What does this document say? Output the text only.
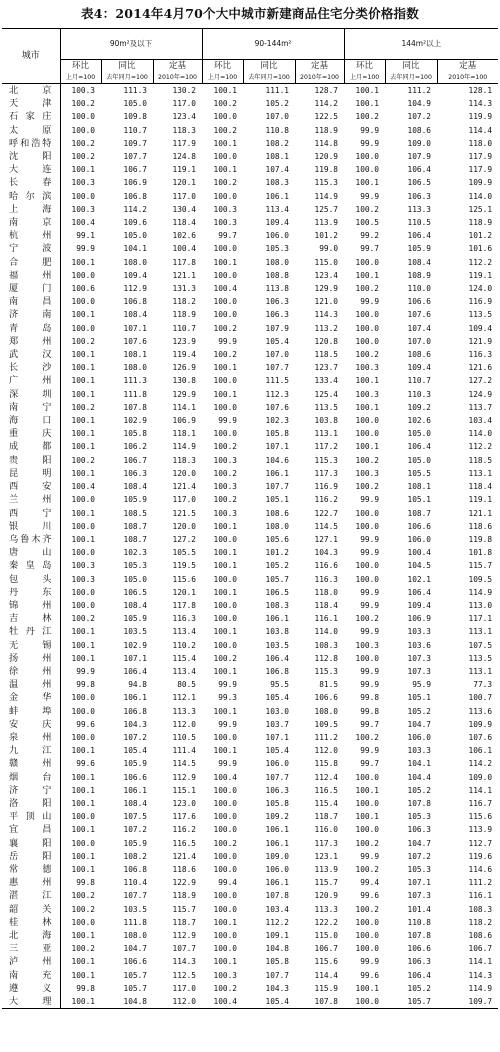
表4：2014年4月70个大中城市新建商品住宅分类价格指数
城市	90m²及以下			90-144m²			144m²以上		
	环比	同比	定基	环比	同比	定基	环比	同比	定基
	上月=100	去年同月=100	2010年=100	上月=100	去年同月=100	2010年=100	上月=100	去年同月=100	2010年=100
北京	100.3	111.3	130.2	100.1	111.1	128.7	100.1	111.2	128.1
天津	100.2	105.0	117.0	100.2	105.2	114.2	100.1	104.9	114.3
石家庄	100.0	109.8	123.4	100.0	107.0	122.5	100.2	107.2	119.9
太原	100.0	110.7	118.3	100.2	110.8	118.9	99.9	108.6	114.4
呼和浩特	100.2	109.7	117.9	100.1	108.2	114.8	99.9	109.0	118.0
沈阳	100.2	107.7	124.8	100.0	108.1	120.9	100.0	107.9	117.9
大连	100.1	106.7	119.1	100.1	107.4	119.8	100.0	106.4	117.9
长春	100.3	106.9	120.1	100.2	108.3	115.3	100.1	106.5	109.9
哈尔滨	100.0	106.8	117.0	100.0	106.1	114.9	99.9	106.3	114.0
上海	100.3	114.2	130.4	100.3	113.4	125.7	100.2	113.3	125.1
南京	100.4	109.6	118.4	100.3	109.4	113.9	100.5	110.5	118.9
杭州	99.1	105.0	102.6	99.7	106.0	101.2	99.2	106.4	101.2
宁波	99.9	104.1	100.4	100.0	105.3	99.0	99.7	105.9	101.6
合肥	100.1	108.0	117.8	100.1	108.0	115.0	100.0	108.4	112.2
福州	100.0	109.4	121.1	100.0	108.8	123.4	100.1	108.9	119.1
厦门	100.6	112.9	131.3	100.4	113.8	129.9	100.2	110.0	124.0
南昌	100.0	106.8	118.2	100.0	106.3	121.0	99.9	106.6	116.9
济南	100.1	108.4	118.9	100.0	106.3	114.3	100.0	107.6	113.5
青岛	100.0	107.1	110.7	100.2	107.9	113.2	100.0	107.4	109.4
郑州	100.2	107.6	123.9	99.9	105.4	120.8	100.0	107.0	121.9
武汉	100.1	108.1	119.4	100.2	107.0	118.5	100.2	108.6	116.3
长沙	100.1	108.0	126.9	100.1	107.7	123.7	100.3	109.4	121.6
广州	100.1	111.3	130.8	100.0	111.5	133.4	100.1	110.7	127.2
深圳	100.1	111.8	129.9	100.1	112.3	125.4	100.3	110.3	124.9
南宁	100.2	107.8	114.1	100.0	107.6	113.5	100.1	109.2	113.7
海口	100.1	102.9	106.9	99.9	102.3	103.8	100.0	102.6	103.4
重庆	100.1	105.8	118.1	100.0	105.8	113.1	100.0	105.0	114.0
成都	100.1	106.2	114.9	100.2	107.1	117.2	100.1	106.4	112.2
贵阳	100.2	106.7	118.3	100.3	104.6	115.3	100.2	105.0	118.5
昆明	100.1	106.3	120.0	100.2	106.1	117.3	100.3	105.5	113.1
西安	100.4	108.4	121.4	100.3	107.7	116.9	100.2	108.1	118.4
兰州	100.0	105.9	117.0	100.2	105.1	116.2	99.9	105.1	119.1
西宁	100.1	108.5	121.5	100.3	108.6	122.7	100.0	108.7	121.1
银川	100.0	108.7	120.0	100.1	108.0	114.5	100.0	106.6	118.6
乌鲁木齐	100.1	108.7	127.2	100.0	105.6	127.1	99.9	106.0	119.8
唐山	100.0	102.3	105.5	100.1	101.2	104.3	99.9	100.4	101.8
秦皇岛	100.3	105.3	119.5	100.1	105.2	116.6	100.0	104.5	115.7
包头	100.3	105.0	115.6	100.0	105.7	116.3	100.0	102.1	109.5
丹东	100.0	106.5	120.1	100.1	106.5	118.0	99.9	106.4	114.9
锦州	100.0	108.4	117.8	100.0	108.3	118.4	99.9	109.4	113.0
吉林	100.2	105.9	116.3	100.0	106.1	116.1	100.2	106.9	117.1
牡丹江	100.1	103.5	113.4	100.1	103.8	114.0	99.9	103.3	113.1
无锡	100.1	102.9	110.2	100.0	103.5	108.3	100.3	103.6	107.5
扬州	100.1	107.1	115.4	100.2	106.4	112.8	100.0	107.3	113.5
徐州	99.9	106.4	113.4	100.1	106.8	115.3	99.9	107.3	113.1
温州	99.8	94.8	80.5	99.9	95.5	81.5	99.9	95.9	77.3
金华	100.0	106.1	112.1	99.3	105.4	106.6	99.8	105.1	100.7
蚌埠	100.0	106.8	113.3	100.1	103.0	108.0	99.8	105.2	113.6
安庆	99.6	104.3	112.0	99.9	103.7	109.5	99.7	104.7	109.9
泉州	100.0	107.2	110.5	100.0	107.1	111.2	100.2	106.0	107.6
九江	100.1	105.4	111.4	100.1	105.4	112.0	99.9	103.3	106.1
赣州	99.6	105.9	114.5	99.9	106.0	115.8	99.7	104.1	114.2
烟台	100.1	106.6	112.9	100.4	107.7	112.4	100.0	104.4	109.0
济宁	100.1	106.1	115.1	100.0	106.3	116.5	100.1	105.2	114.1
洛阳	100.1	108.4	123.0	100.0	105.8	115.4	100.0	107.8	116.7
平顶山	100.0	107.5	117.6	100.0	109.2	118.7	100.1	105.3	115.6
宜昌	100.1	107.2	116.2	100.0	106.1	116.0	100.0	106.3	113.9
襄阳	100.0	105.9	116.5	100.2	106.1	117.3	100.2	104.7	112.7
岳阳	100.1	108.2	121.4	100.0	109.0	123.1	99.9	107.2	119.6
常德	100.1	106.8	118.6	100.0	106.0	113.9	100.2	105.3	114.6
惠州	99.8	110.4	122.9	99.4	106.1	115.7	99.4	107.1	111.2
湛江	100.2	107.7	118.9	100.0	107.8	120.9	99.6	107.3	116.1
韶关	100.2	103.5	115.7	100.0	103.4	113.3	100.2	101.4	108.3
桂林	100.0	111.8	118.7	100.1	112.2	122.2	100.0	110.8	118.2
北海	100.1	108.0	112.9	100.0	109.1	115.0	100.0	107.8	108.6
三亚	100.2	104.7	107.7	100.0	104.8	106.7	100.0	106.6	106.7
泸州	100.1	106.6	114.3	100.1	105.8	115.6	99.9	106.3	114.1
南充	100.1	105.7	112.5	100.3	107.7	114.4	99.6	106.4	114.3
遵义	99.8	105.7	117.0	100.2	104.3	115.9	100.1	105.2	114.9
大理	100.1	104.8	112.0	100.4	105.4	107.8	100.0	105.7	109.7
